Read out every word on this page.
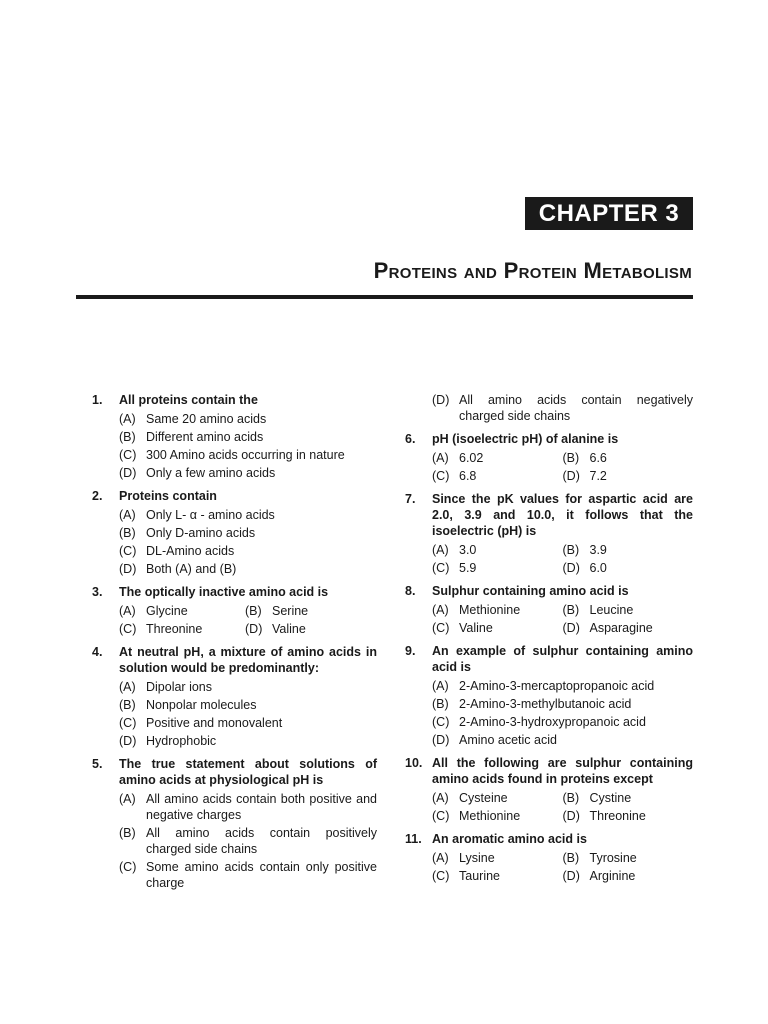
CHAPTER 3
Proteins and Protein Metabolism
1.	All proteins contain the
(A) Same 20 amino acids
(B) Different amino acids
(C) 300 Amino acids occurring in nature
(D) Only a few amino acids
2.	Proteins contain
(A) Only L- α - amino acids
(B) Only D-amino acids
(C) DL-Amino acids
(D) Both (A) and (B)
3.	The optically inactive amino acid is
(A) Glycine	(B) Serine
(C) Threonine	(D) Valine
4.	At neutral pH, a mixture of amino acids in solution would be predominantly:
(A) Dipolar ions
(B) Nonpolar molecules
(C) Positive and monovalent
(D) Hydrophobic
5.	The true statement about solutions of amino acids at physiological pH is
(A) All amino acids contain both positive and negative charges
(B) All amino acids contain positively charged side chains
(C) Some amino acids contain only positive charge
(D) All amino acids contain negatively charged side chains
6.	pH (isoelectric pH) of alanine is
(A) 6.02	(B) 6.6
(C) 6.8	(D) 7.2
7.	Since the pK values for aspartic acid are 2.0, 3.9 and 10.0, it follows that the isoelectric (pH) is
(A) 3.0	(B) 3.9
(C) 5.9	(D) 6.0
8.	Sulphur containing amino acid is
(A) Methionine	(B) Leucine
(C) Valine	(D) Asparagine
9.	An example of sulphur containing amino acid is
(A) 2-Amino-3-mercaptopropanoic acid
(B) 2-Amino-3-methylbutanoic acid
(C) 2-Amino-3-hydroxypropanoic acid
(D) Amino acetic acid
10. All the following are sulphur containing amino acids found in proteins except
(A) Cysteine	(B) Cystine
(C) Methionine	(D) Threonine
11. An aromatic amino acid is
(A) Lysine	(B) Tyrosine
(C) Taurine	(D) Arginine
